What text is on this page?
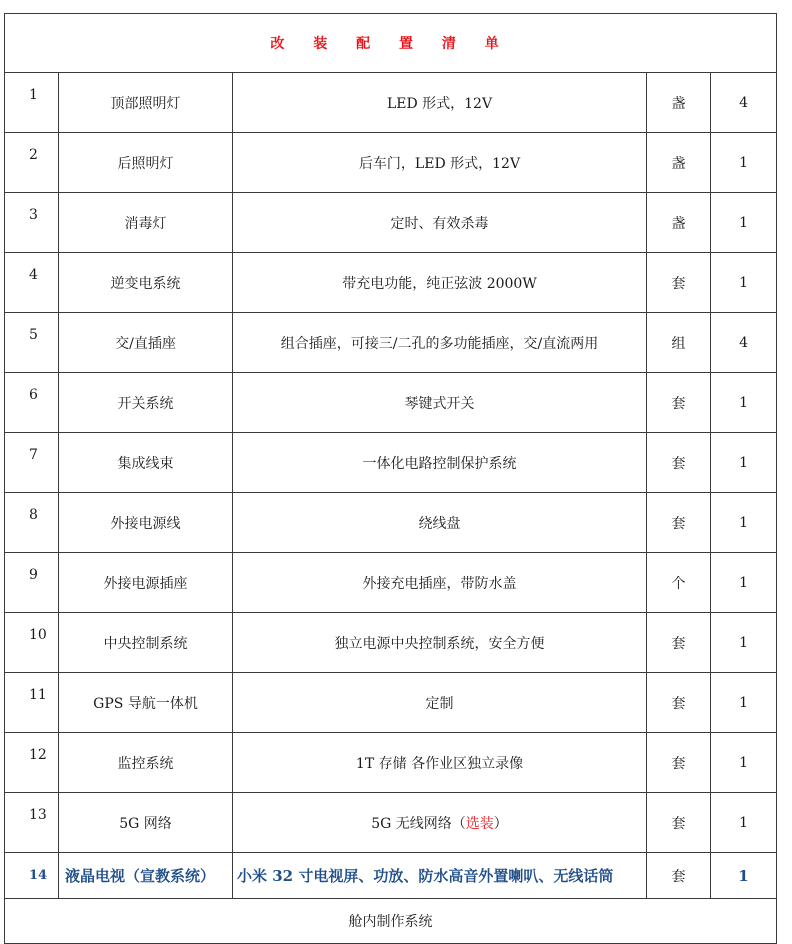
改 装 配 置 清 单				
1	顶部照明灯	LED 形式，12V	盏	4
2	后照明灯	后车门，LED 形式，12V	盏	1
3	消毒灯	定时、有效杀毒	盏	1
4	逆变电系统	带充电功能，纯正弦波 2000W	套	1
5	交/直插座	组合插座，可接三/二孔的多功能插座，交/直流两用	组	4
6	开关系统	琴键式开关	套	1
7	集成线束	一体化电路控制保护系统	套	1
8	外接电源线	绕线盘	套	1
9	外接电源插座	外接充电插座，带防水盖	个	1
10	中央控制系统	独立电源中央控制系统，安全方便	套	1
11	GPS 导航一体机	定制	套	1
12	监控系统	1T 存储 各作业区独立录像	套	1
13	5G 网络	5G 无线网络（选装）	套	1
14	液晶电视（宣教系统）	小米 32 寸电视屏、功放、防水高音外置喇叭、无线话筒	套	1
舱内制作系统				
